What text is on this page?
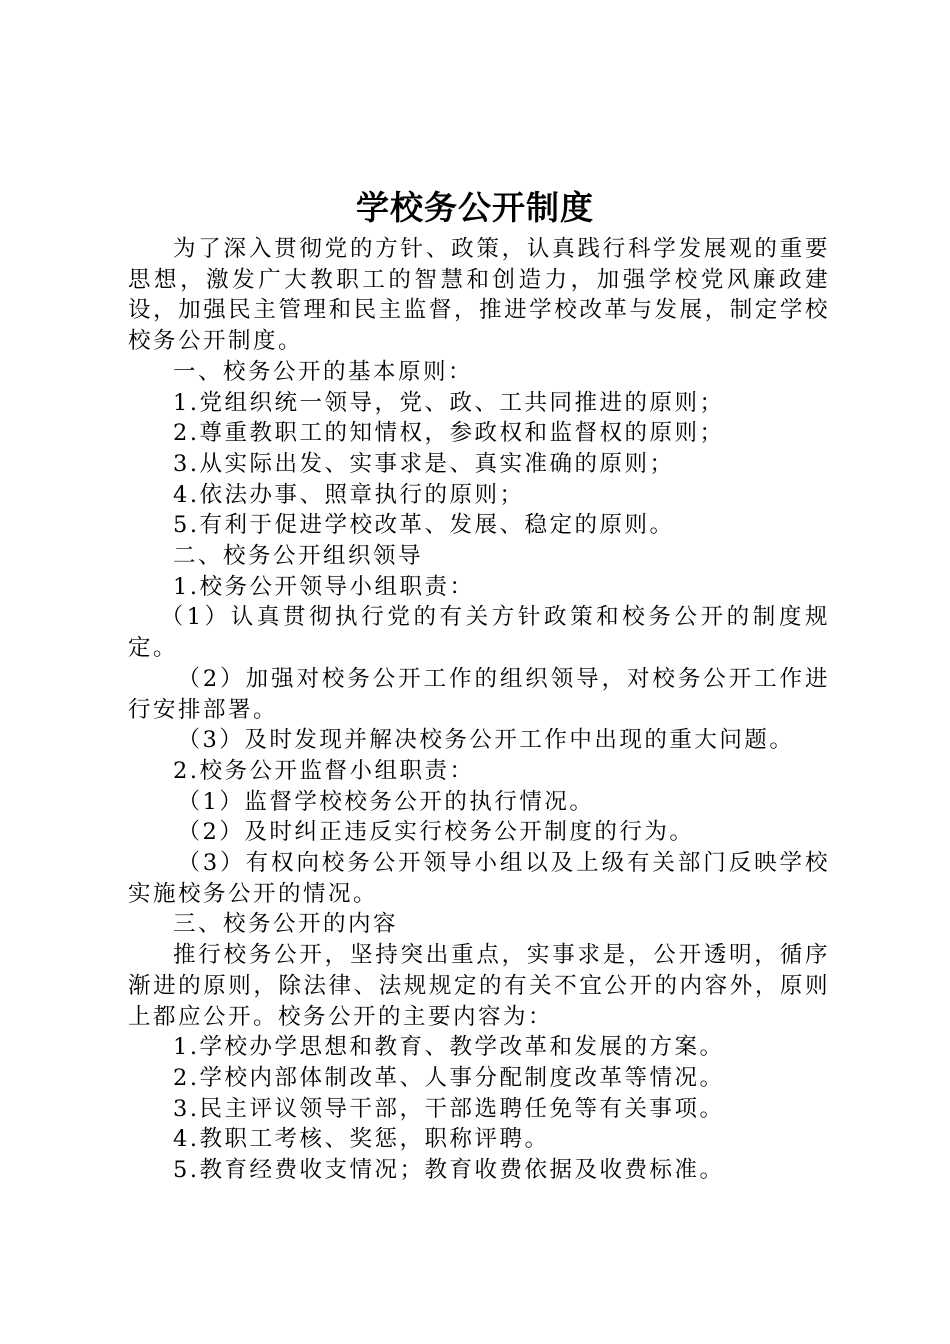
学校务公开制度

为了深入贯彻党的方针、政策，认真践行科学发展观的重要思想，激发广大教职工的智慧和创造力，加强学校党风廉政建设，加强民主管理和民主监督，推进学校改革与发展，制定学校校务公开制度。

一、校务公开的基本原则：

1.党组织统一领导，党、政、工共同推进的原则；

2.尊重教职工的知情权，参政权和监督权的原则；

3.从实际出发、实事求是、真实准确的原则；

4.依法办事、照章执行的原则；

5.有利于促进学校改革、发展、稳定的原则。

二、校务公开组织领导

1.校务公开领导小组职责：

（1）认真贯彻执行党的有关方针政策和校务公开的制度规定。

（2）加强对校务公开工作的组织领导，对校务公开工作进行安排部署。

（3）及时发现并解决校务公开工作中出现的重大问题。

2.校务公开监督小组职责：

（1）监督学校校务公开的执行情况。

（2）及时纠正违反实行校务公开制度的行为。

（3）有权向校务公开领导小组以及上级有关部门反映学校实施校务公开的情况。

三、校务公开的内容

推行校务公开，坚持突出重点，实事求是，公开透明，循序渐进的原则，除法律、法规规定的有关不宜公开的内容外，原则上都应公开。校务公开的主要内容为：

1.学校办学思想和教育、教学改革和发展的方案。

2.学校内部体制改革、人事分配制度改革等情况。

3.民主评议领导干部，干部选聘任免等有关事项。

4.教职工考核、奖惩，职称评聘。

5.教育经费收支情况；教育收费依据及收费标准。
